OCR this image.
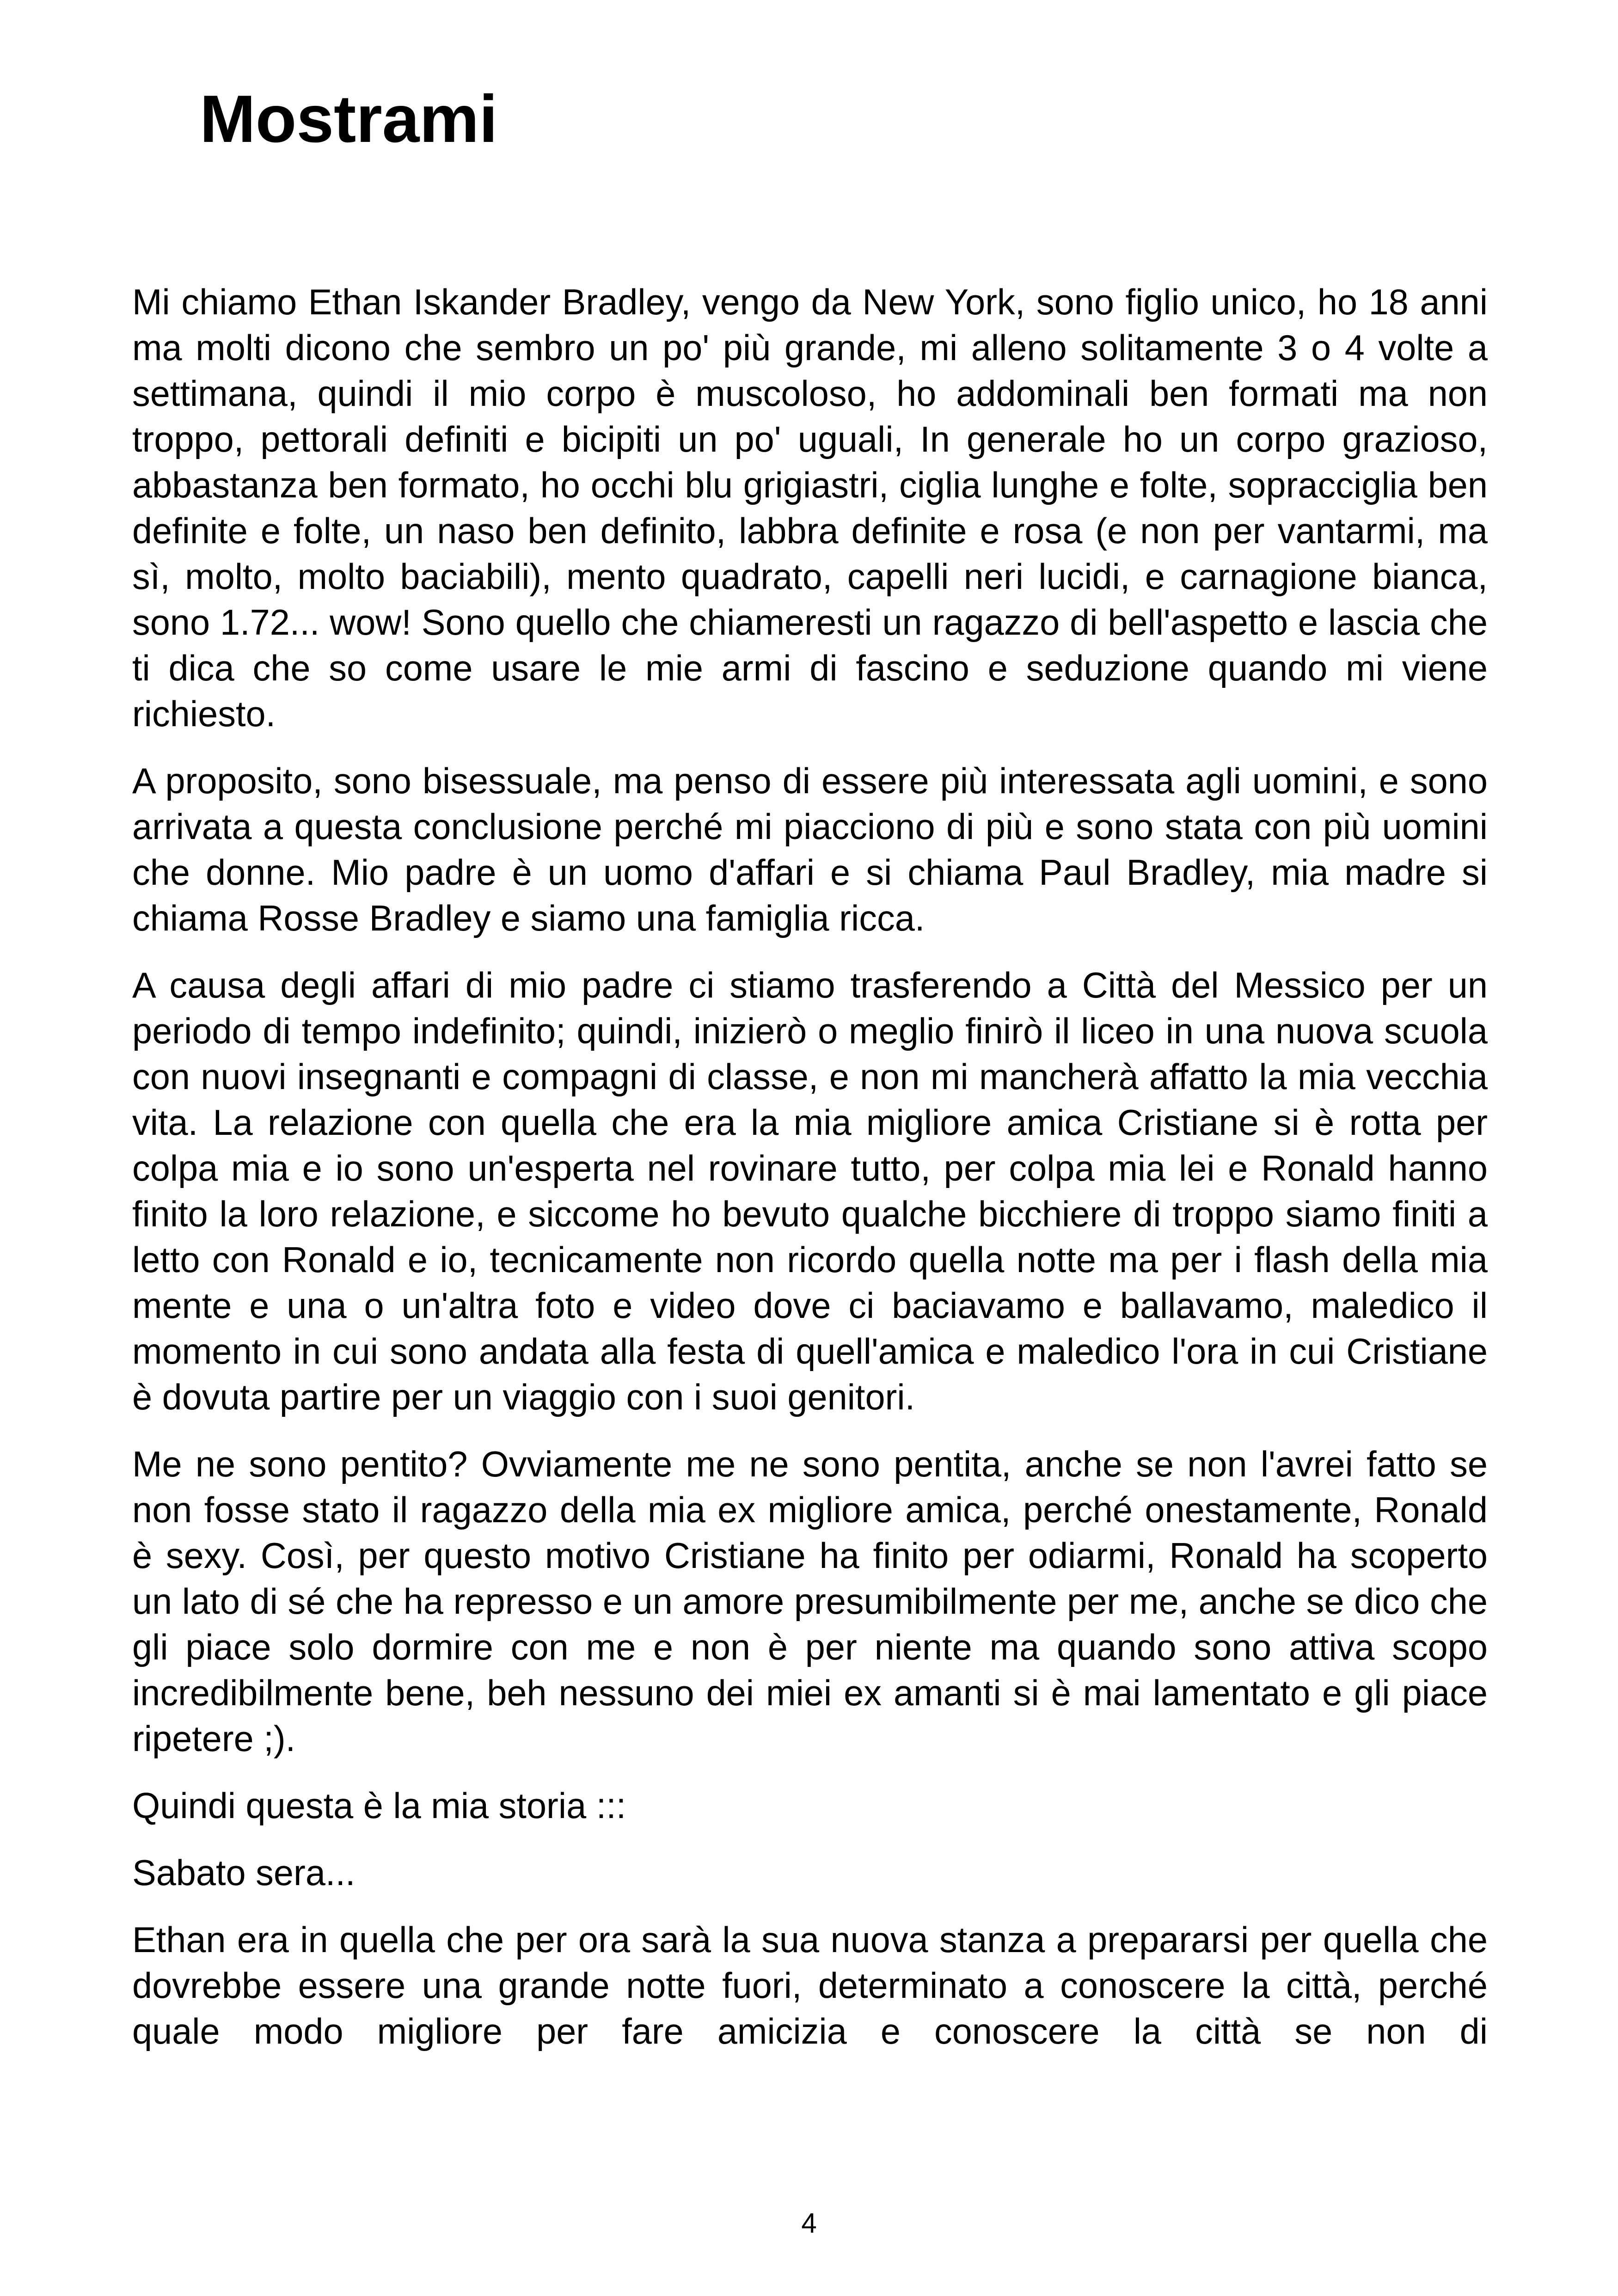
Mostrami

Mi chiamo Ethan Iskander Bradley, vengo da New York, sono figlio unico, ho 18 anni ma molti dicono che sembro un po' più grande, mi alleno solitamente 3 o 4 volte a settimana, quindi il mio corpo è muscoloso, ho addominali ben formati ma non troppo, pettorali definiti e bicipiti un po' uguali, In generale ho un corpo grazioso, abbastanza ben formato, ho occhi blu grigiastri, ciglia lunghe e folte, sopracciglia ben definite e folte, un naso ben definito, labbra definite e rosa (e non per vantarmi, ma sì, molto, molto baciabili), mento quadrato, capelli neri lucidi, e carnagione bianca, sono 1.72... wow! Sono quello che chiameresti un ragazzo di bell'aspetto e lascia che ti dica che so come usare le mie armi di fascino e seduzione quando mi viene richiesto.

A proposito, sono bisessuale, ma penso di essere più interessata agli uomini, e sono arrivata a questa conclusione perché mi piacciono di più e sono stata con più uomini che donne. Mio padre è un uomo d'affari e si chiama Paul Bradley, mia madre si chiama Rosse Bradley e siamo una famiglia ricca.

A causa degli affari di mio padre ci stiamo trasferendo a Città del Messico per un periodo di tempo indefinito; quindi, inizierò o meglio finirò il liceo in una nuova scuola con nuovi insegnanti e compagni di classe, e non mi mancherà affatto la mia vecchia vita. La relazione con quella che era la mia migliore amica Cristiane si è rotta per colpa mia e io sono un'esperta nel rovinare tutto, per colpa mia lei e Ronald hanno finito la loro relazione, e siccome ho bevuto qualche bicchiere di troppo siamo finiti a letto con Ronald e io, tecnicamente non ricordo quella notte ma per i flash della mia mente e una o un'altra foto e video dove ci baciavamo e ballavamo, maledico il momento in cui sono andata alla festa di quell'amica e maledico l'ora in cui Cristiane è dovuta partire per un viaggio con i suoi genitori.

Me ne sono pentito? Ovviamente me ne sono pentita, anche se non l'avrei fatto se non fosse stato il ragazzo della mia ex migliore amica, perché onestamente, Ronald è sexy. Così, per questo motivo Cristiane ha finito per odiarmi, Ronald ha scoperto un lato di sé che ha represso e un amore presumibilmente per me, anche se dico che gli piace solo dormire con me e non è per niente ma quando sono attiva scopo incredibilmente bene, beh nessuno dei miei ex amanti si è mai lamentato e gli piace ripetere ;).

Quindi questa è la mia storia :::

Sabato sera...

Ethan era in quella che per ora sarà la sua nuova stanza a prepararsi per quella che dovrebbe essere una grande notte fuori, determinato a conoscere la città, perché quale modo migliore per fare amicizia e conoscere la città se non di

4
